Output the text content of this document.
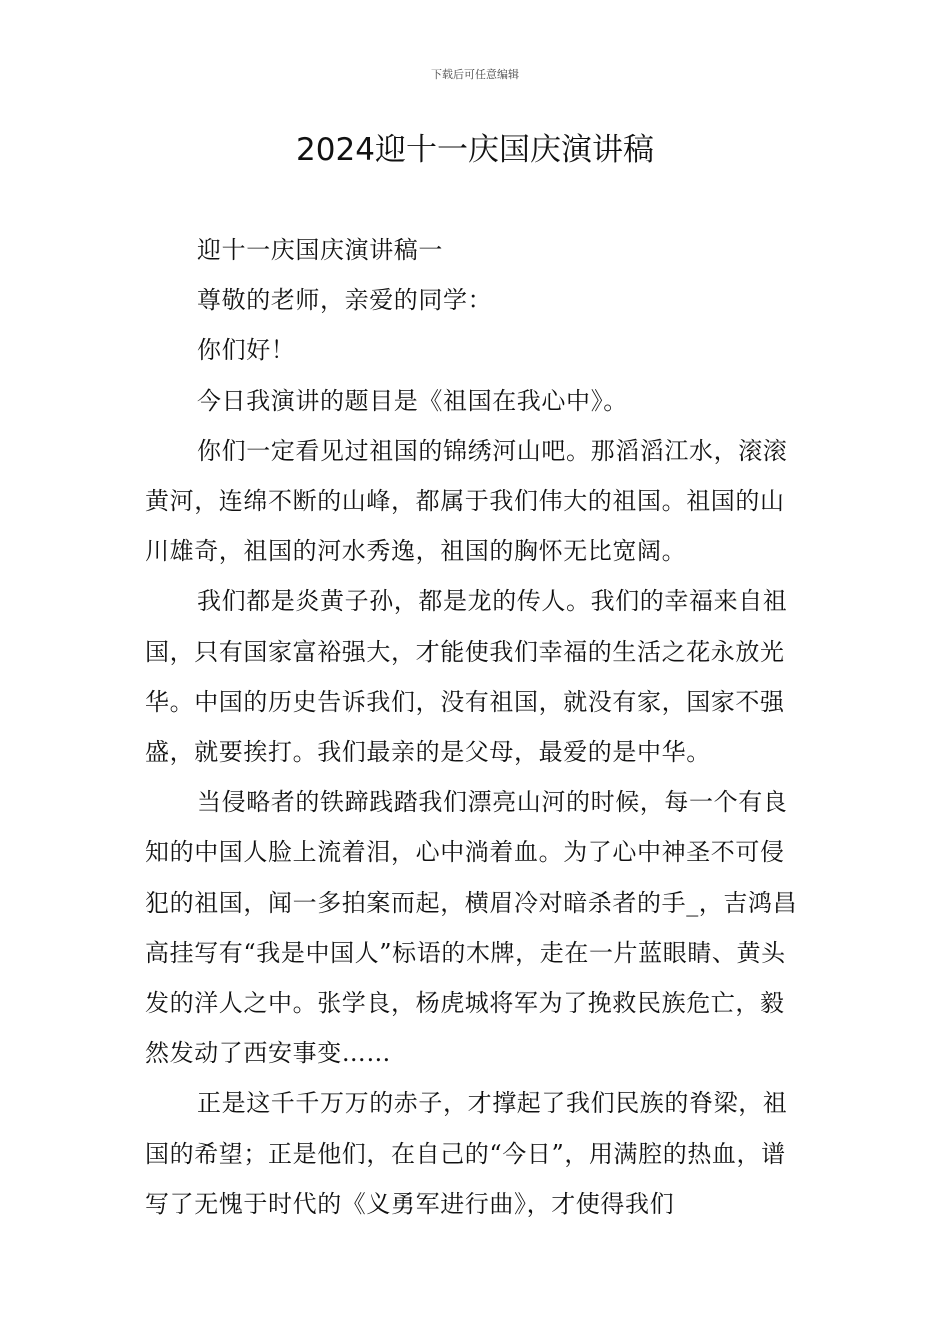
下载后可任意编辑
2024迎十一庆国庆演讲稿

迎十一庆国庆演讲稿一

尊敬的老师，亲爱的同学：

你们好！

今日我演讲的题目是《祖国在我心中》。

你们一定看见过祖国的锦绣河山吧。那滔滔江水，滚滚黄河，连绵不断的山峰，都属于我们伟大的祖国。祖国的山川雄奇，祖国的河水秀逸，祖国的胸怀无比宽阔。

我们都是炎黄子孙，都是龙的传人。我们的幸福来自祖国，只有国家富裕强大，才能使我们幸福的生活之花永放光华。中国的历史告诉我们，没有祖国，就没有家，国家不强盛，就要挨打。我们最亲的是父母，最爱的是中华。

当侵略者的铁蹄践踏我们漂亮山河的时候，每一个有良知的中国人脸上流着泪，心中淌着血。为了心中神圣不可侵犯的祖国，闻一多拍案而起，横眉冷对暗杀者的手_，吉鸿昌高挂写有“我是中国人”标语的木牌，走在一片蓝眼睛、黄头发的洋人之中。张学良，杨虎城将军为了挽救民族危亡，毅然发动了西安事变……

正是这千千万万的赤子，才撑起了我们民族的脊梁，祖国的希望；正是他们，在自己的“今日”，用满腔的热血，谱写了无愧于时代的《义勇军进行曲》，才使得我们
